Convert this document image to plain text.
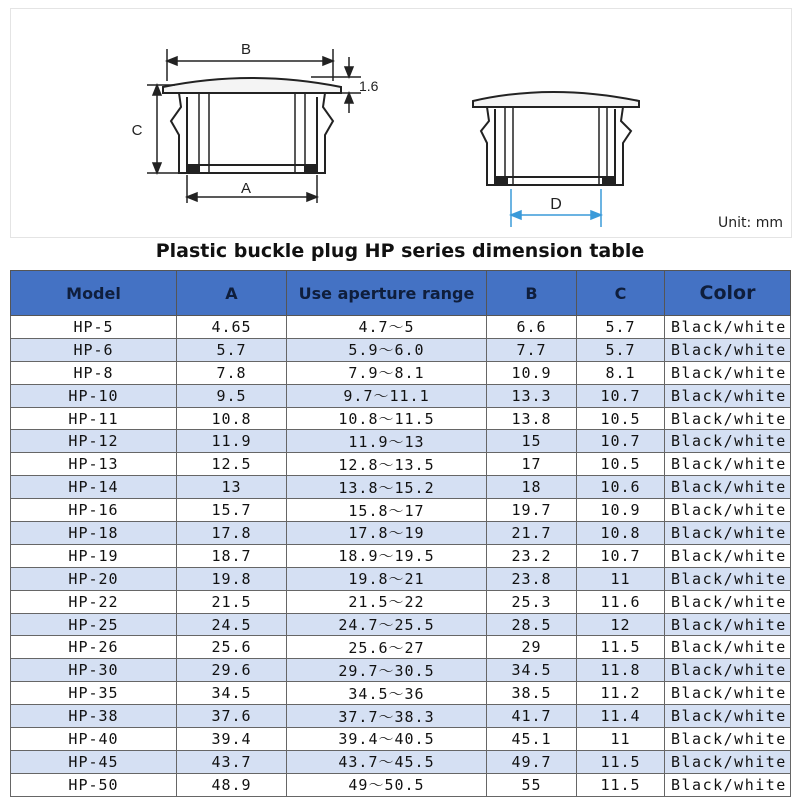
B
1.6
C
A
D
Unit: mm
Plastic buckle plug HP series dimension table
Model	A	Use aperture range	B	C	Color
HP-5	4.65	4.7～5	6.6	5.7	Black/white
HP-6	5.7	5.9～6.0	7.7	5.7	Black/white
HP-8	7.8	7.9～8.1	10.9	8.1	Black/white
HP-10	9.5	9.7～11.1	13.3	10.7	Black/white
HP-11	10.8	10.8～11.5	13.8	10.5	Black/white
HP-12	11.9	11.9～13	15	10.7	Black/white
HP-13	12.5	12.8～13.5	17	10.5	Black/white
HP-14	13	13.8～15.2	18	10.6	Black/white
HP-16	15.7	15.8～17	19.7	10.9	Black/white
HP-18	17.8	17.8～19	21.7	10.8	Black/white
HP-19	18.7	18.9～19.5	23.2	10.7	Black/white
HP-20	19.8	19.8～21	23.8	11	Black/white
HP-22	21.5	21.5～22	25.3	11.6	Black/white
HP-25	24.5	24.7～25.5	28.5	12	Black/white
HP-26	25.6	25.6～27	29	11.5	Black/white
HP-30	29.6	29.7～30.5	34.5	11.8	Black/white
HP-35	34.5	34.5～36	38.5	11.2	Black/white
HP-38	37.6	37.7～38.3	41.7	11.4	Black/white
HP-40	39.4	39.4～40.5	45.1	11	Black/white
HP-45	43.7	43.7～45.5	49.7	11.5	Black/white
HP-50	48.9	49～50.5	55	11.5	Black/white
